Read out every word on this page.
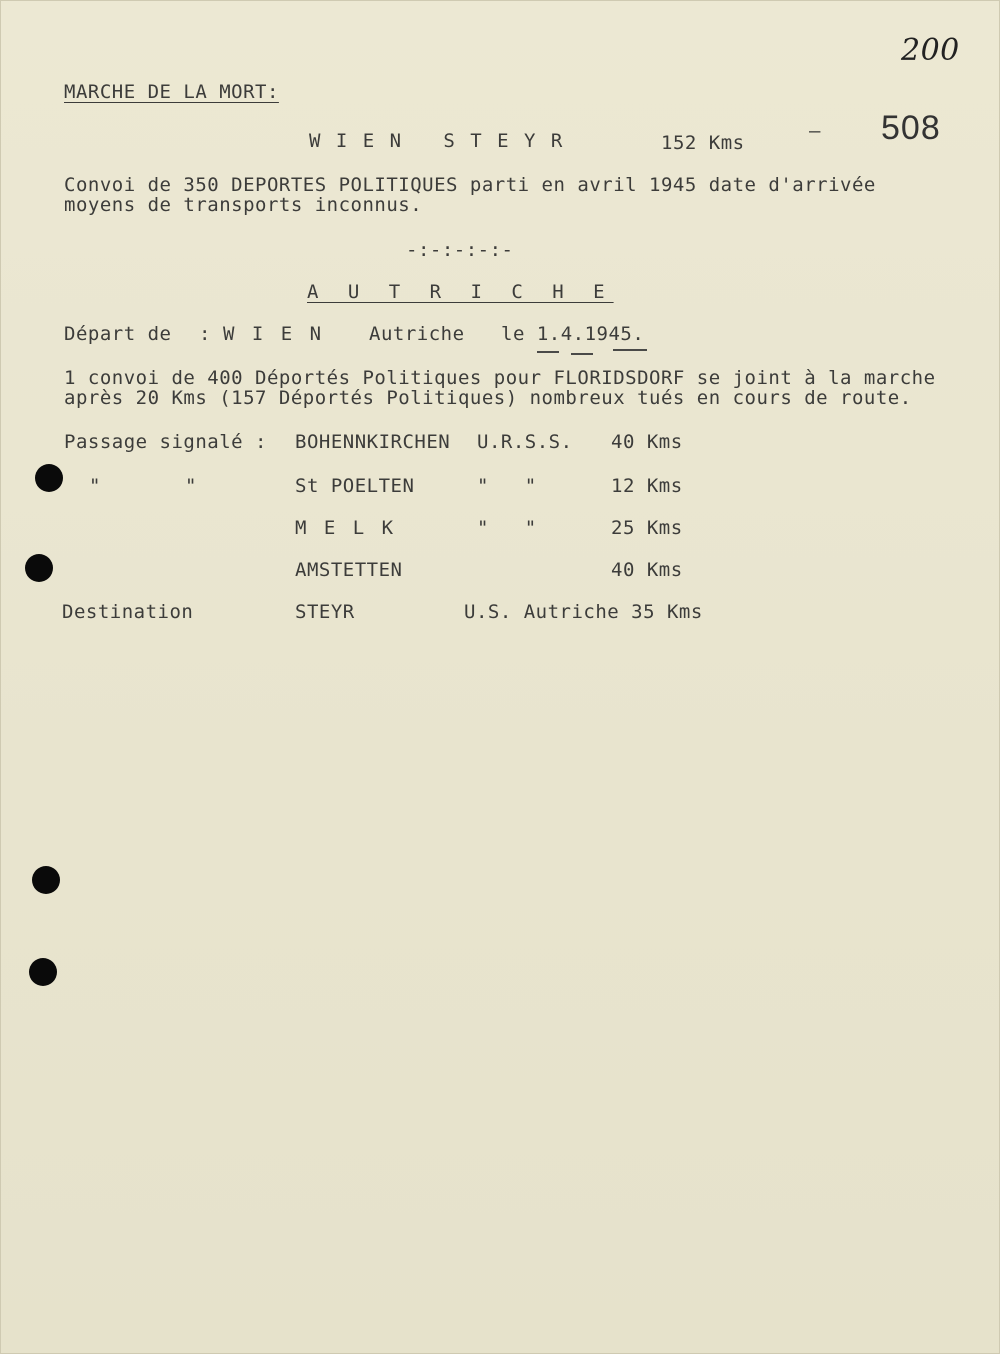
MARCHE DE LA MORT:
200
W I E N   S T E Y R	152 Kms
– 508
Convoi de 350 DEPORTES POLITIQUES parti en avril 1945 date d'arrivée
moyens de transports inconnus.
-:-:-:-:-
A U T R I C H E
Départ de : W I E N Autriche le 1.4.1945.
1 convoi de 400 Déportés Politiques pour FLORIDSDORF se joint à la marche
après 20 Kms (157 Déportés Politiques) nombreux tués en cours de route.
Passage signalé : BOHENNKIRCHEN U.R.S.S. 40 Kms
"	"	St POELTEN	"   "	12 Kms
M E L K	"   "	25 Kms
AMSTETTEN	40 Kms
Destination	STEYR	U.S. Autriche 35 Kms
